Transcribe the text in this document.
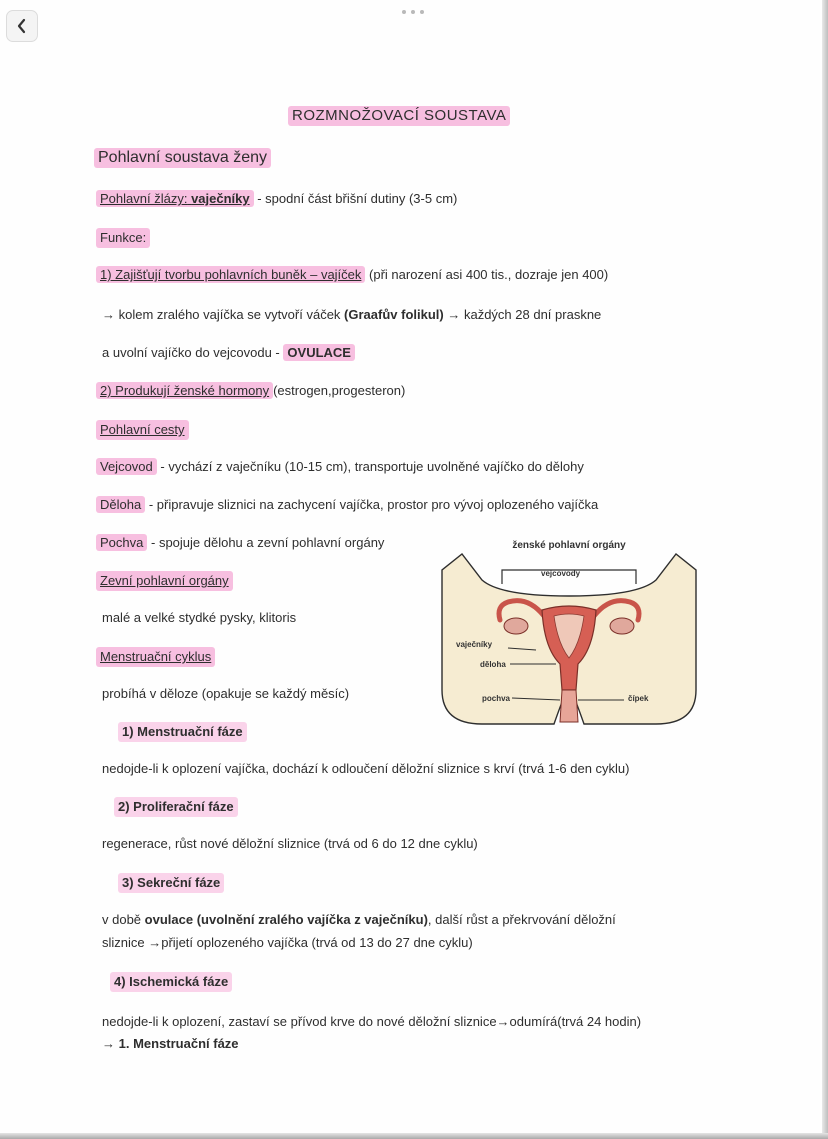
ROZMNOŽOVACÍ SOUSTAVA
Pohlavní soustava ženy
Pohlavní žlázy: vaječníky - spodní část břišní dutiny (3-5 cm)
Funkce:
1) Zajišťují tvorbu pohlavních buněk – vajíček (při narození asi 400 tis., dozraje jen 400)
→ kolem zralého vajíčka se vytvoří váček (Graafův folikul) → každých 28 dní praskne
a uvolní vajíčko do vejcovodu - OVULACE
2) Produkují ženské hormony (estrogen,progesteron)
Pohlavní cesty
Vejcovod - vychází z vaječníku (10-15 cm), transportuje uvolněné vajíčko do dělohy
Děloha - připravuje sliznici na zachycení vajíčka, prostor pro vývoj oplozeného vajíčka
Pochva - spojuje dělohu a zevní pohlavní orgány
Zevní pohlavní orgány
malé a velké stydké pysky, klitoris
Menstruační cyklus
probíhá v děloze (opakuje se každý měsíc)
1) Menstruační fáze
nedojde-li k oplození vajíčka, dochází k odloučení děložní sliznice s krví (trvá 1-6 den cyklu)
2) Proliferační fáze
regenerace, růst nové děložní sliznice (trvá od 6 do 12 dne cyklu)
3) Sekreční fáze
v době ovulace (uvolnění zralého vajíčka z vaječníku), další růst a překrvování děložní
sliznice →přijetí oplozeného vajíčka (trvá od 13 do 27 dne cyklu)
4) Ischemická fáze
nedojde-li k oplození, zastaví se přívod krve do nové děložní sliznice→odumírá(trvá 24 hodin)
→ 1. Menstruační fáze
ženské pohlavní orgány
vejcovody
vaječníky
děloha
pochva	čípek
